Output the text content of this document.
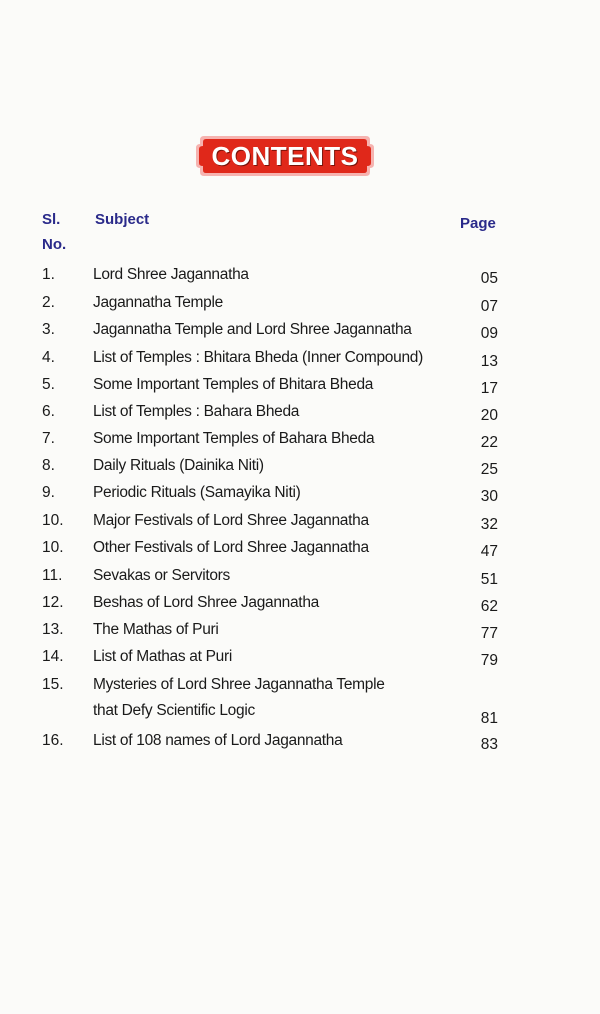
CONTENTS
Sl.
No.
Subject	Page
1. Lord Shree Jagannatha	05
2. Jagannatha Temple	07
3. Jagannatha Temple and Lord Shree Jagannatha	09
4. List of Temples : Bhitara Bheda (Inner Compound)	13
5. Some Important Temples of Bhitara Bheda	17
6. List of Temples : Bahara Bheda	20
7. Some Important Temples of Bahara Bheda	22
8. Daily Rituals (Dainika Niti)	25
9. Periodic Rituals (Samayika Niti)	30
10. Major Festivals of Lord Shree Jagannatha	32
10. Other Festivals of Lord Shree Jagannatha	47
11. Sevakas or Servitors	51
12. Beshas of Lord Shree Jagannatha	62
13. The Mathas of Puri	77
14. List of Mathas at Puri	79
15. Mysteries of Lord Shree Jagannatha Temple
that Defy Scientific Logic	81
16. List of 108 names of Lord Jagannatha	83
